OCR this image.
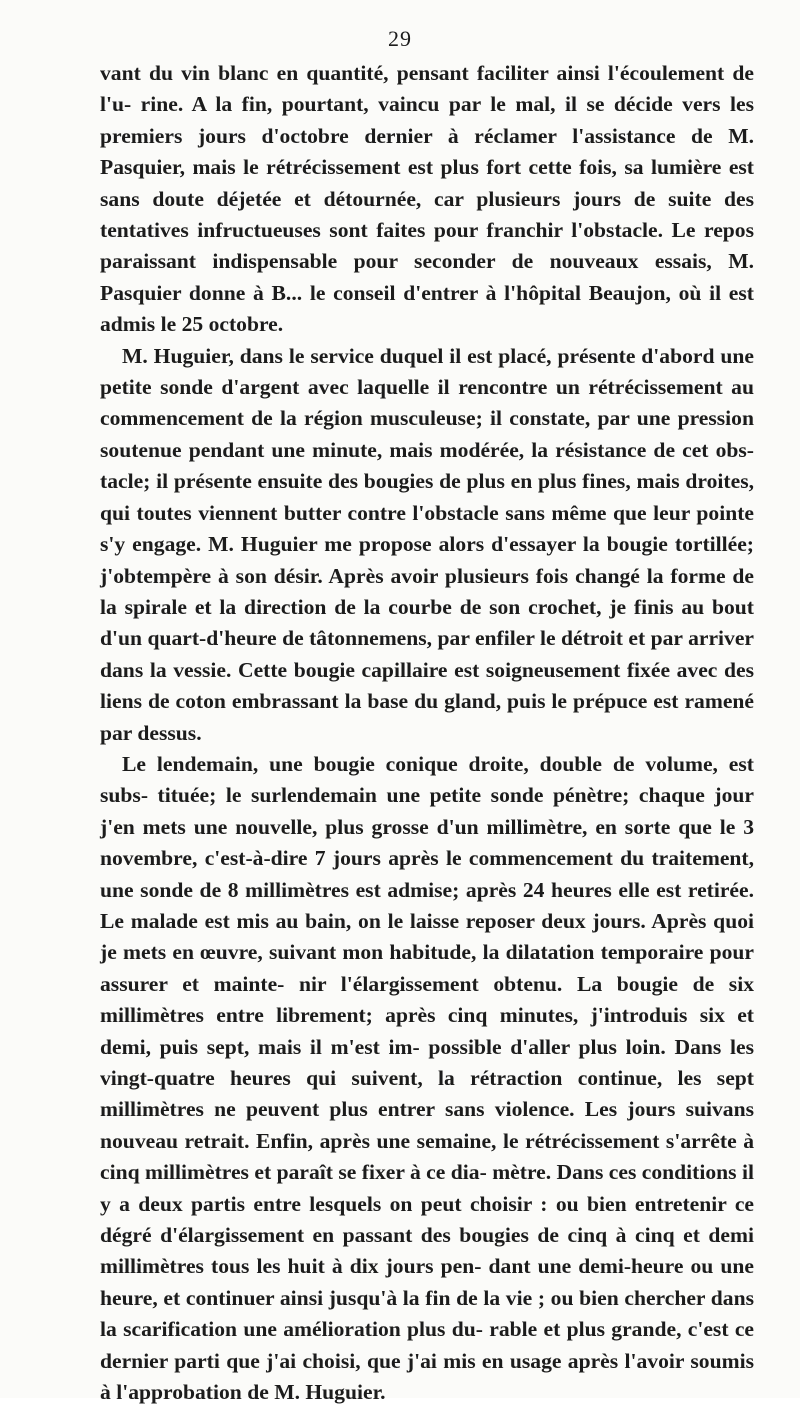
29

vant du vin blanc en quantité, pensant faciliter ainsi l'écoulement de l'u- rine. A la fin, pourtant, vaincu par le mal, il se décide vers les premiers jours d'octobre dernier à réclamer l'assistance de M. Pasquier, mais le rétrécissement est plus fort cette fois, sa lumière est sans doute déjetée et détournée, car plusieurs jours de suite des tentatives infructueuses sont faites pour franchir l'obstacle. Le repos paraissant indispensable pour seconder de nouveaux essais, M. Pasquier donne à B... le conseil d'entrer à l'hôpital Beaujon, où il est admis le 25 octobre.

M. Huguier, dans le service duquel il est placé, présente d'abord une petite sonde d'argent avec laquelle il rencontre un rétrécissement au commencement de la région musculeuse; il constate, par une pression soutenue pendant une minute, mais modérée, la résistance de cet obs- tacle; il présente ensuite des bougies de plus en plus fines, mais droites, qui toutes viennent butter contre l'obstacle sans même que leur pointe s'y engage. M. Huguier me propose alors d'essayer la bougie tortillée; j'obtempère à son désir. Après avoir plusieurs fois changé la forme de la spirale et la direction de la courbe de son crochet, je finis au bout d'un quart-d'heure de tâtonnemens, par enfiler le détroit et par arriver dans la vessie. Cette bougie capillaire est soigneusement fixée avec des liens de coton embrassant la base du gland, puis le prépuce est ramené par dessus.

Le lendemain, une bougie conique droite, double de volume, est subs- tituée; le surlendemain une petite sonde pénètre; chaque jour j'en mets une nouvelle, plus grosse d'un millimètre, en sorte que le 3 novembre, c'est-à-dire 7 jours après le commencement du traitement, une sonde de 8 millimètres est admise; après 24 heures elle est retirée. Le malade est mis au bain, on le laisse reposer deux jours. Après quoi je mets en œuvre, suivant mon habitude, la dilatation temporaire pour assurer et mainte- nir l'élargissement obtenu. La bougie de six millimètres entre librement; après cinq minutes, j'introduis six et demi, puis sept, mais il m'est im- possible d'aller plus loin. Dans les vingt-quatre heures qui suivent, la rétraction continue, les sept millimètres ne peuvent plus entrer sans violence. Les jours suivans nouveau retrait. Enfin, après une semaine, le rétrécissement s'arrête à cinq millimètres et paraît se fixer à ce dia- mètre. Dans ces conditions il y a deux partis entre lesquels on peut choisir : ou bien entretenir ce dégré d'élargissement en passant des bougies de cinq à cinq et demi millimètres tous les huit à dix jours pen- dant une demi-heure ou une heure, et continuer ainsi jusqu'à la fin de la vie ; ou bien chercher dans la scarification une amélioration plus du- rable et plus grande, c'est ce dernier parti que j'ai choisi, que j'ai mis en usage après l'avoir soumis à l'approbation de M. Huguier.
